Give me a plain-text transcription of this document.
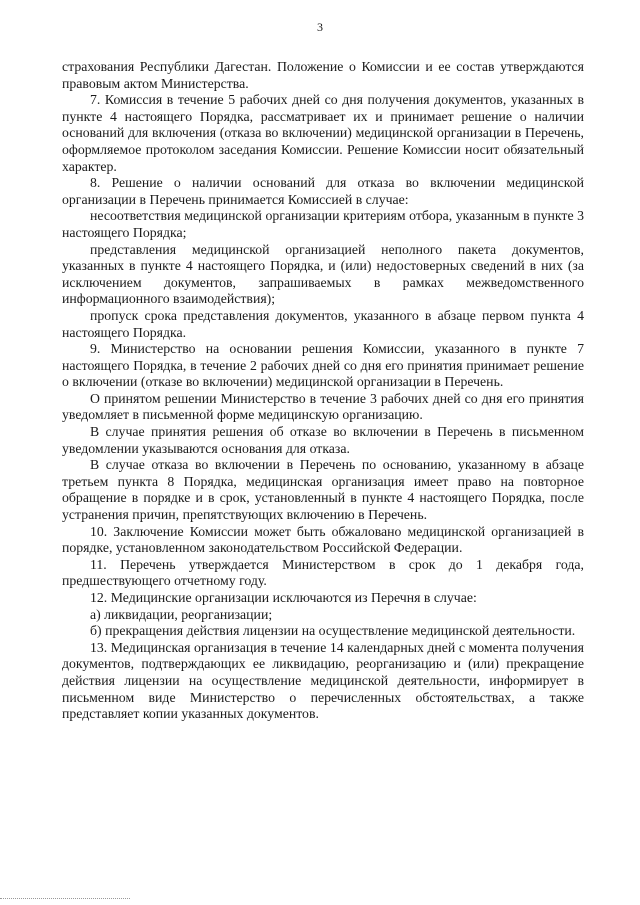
3

страхования Республики Дагестан. Положение о Комиссии и ее состав утверждаются правовым актом Министерства.

7. Комиссия в течение 5 рабочих дней со дня получения документов, указанных в пункте 4 настоящего Порядка, рассматривает их и принимает решение о наличии оснований для включения (отказа во включении) медицинской организации в Перечень, оформляемое протоколом заседания Комиссии. Решение Комиссии носит обязательный характер.

8. Решение о наличии оснований для отказа во включении медицинской организации в Перечень принимается Комиссией в случае:

несоответствия медицинской организации критериям отбора, указанным в пункте 3 настоящего Порядка;

представления медицинской организацией неполного пакета документов, указанных в пункте 4 настоящего Порядка, и (или) недостоверных сведений в них (за исключением документов, запрашиваемых в рамках межведомственного информационного взаимодействия);

пропуск срока представления документов, указанного в абзаце первом пункта 4 настоящего Порядка.

9. Министерство на основании решения Комиссии, указанного в пункте 7 настоящего Порядка, в течение 2 рабочих дней со дня его принятия принимает решение о включении (отказе во включении) медицинской организации в Перечень.

О принятом решении Министерство в течение 3 рабочих дней со дня его принятия уведомляет в письменной форме медицинскую организацию.

В случае принятия решения об отказе во включении в Перечень в письменном уведомлении указываются основания для отказа.

В случае отказа во включении в Перечень по основанию, указанному в абзаце третьем пункта 8 Порядка, медицинская организация имеет право на повторное обращение в порядке и в срок, установленный в пункте 4 настоящего Порядка, после устранения причин, препятствующих включению в Перечень.

10. Заключение Комиссии может быть обжаловано медицинской организацией в порядке, установленном законодательством Российской Федерации.

11. Перечень утверждается Министерством в срок до 1 декабря года, предшествующего отчетному году.

12. Медицинские организации исключаются из Перечня в случае:

а) ликвидации, реорганизации;

б) прекращения действия лицензии на осуществление медицинской деятельности.

13. Медицинская организация в течение 14 календарных дней с момента получения документов, подтверждающих ее ликвидацию, реорганизацию и (или) прекращение действия лицензии на осуществление медицинской деятельности, информирует в письменном виде Министерство о перечисленных обстоятельствах, а также представляет копии указанных документов.
